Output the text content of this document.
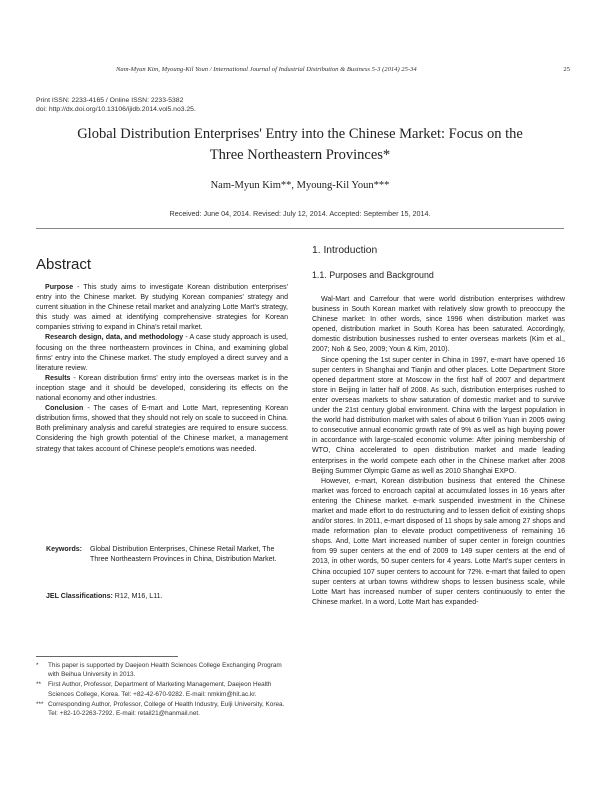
Nam-Myun Kim, Myoung-Kil Youn / International Journal of Industrial Distribution & Business 5-3 (2014) 25-34	25
Print ISSN: 2233-4165 / Online ISSN: 2233-5382
doi: http://dx.doi.org/10.13106/ijidb.2014.vol5.no3.25.
Global Distribution Enterprises' Entry into the Chinese Market: Focus on the
Three Northeastern Provinces*
Nam-Myun Kim**, Myoung-Kil Youn***
Received: June 04, 2014. Revised: July 12, 2014. Accepted: September 15, 2014.
Abstract

Purpose - This study aims to investigate Korean distribution enterprises' entry into the Chinese market. By studying Korean companies' strategy and current situation in the Chinese retail market and analyzing Lotte Mart's strategy, this study was aimed at identifying comprehensive strategies for Korean companies striving to expand in China's retail market.

Research design, data, and methodology - A case study approach is used, focusing on the three northeastern provinces in China, and examining global firms' entry into the Chinese market. The study employed a direct survey and a literature review.

Results - Korean distribution firms' entry into the overseas market is in the inception stage and it should be developed, considering its effects on the national economy and other industries.

Conclusion - The cases of E-mart and Lotte Mart, representing Korean distribution firms, showed that they should not rely on scale to succeed in China. Both preliminary analysis and careful strategies are required to ensure success. Considering the high growth potential of the Chinese market, a management strategy that takes account of Chinese people's emotions was needed.

Keywords: Global Distribution Enterprises, Chinese Retail Market, The Three Northeastern Provinces in China, Distribution Market.
JEL Classifications: R12, M16, L11.
*	This paper is supported by Daejeon Health Sciences College Exchanging Program with Beihua University in 2013.
**	First Author, Professor, Department of Marketing Management, Daejeon Health Sciences College, Korea. Tel: +82-42-670-9282. E-mail: nmkim@hit.ac.kr.
*** Corresponding Author, Professor, College of Health Industry, Eulji University, Korea. Tel: +82-10-2263-7292. E-mail: retail21@hanmail.net.
1. Introduction
1.1. Purposes and Background

Wal-Mart and Carrefour that were world distribution enterprises withdrew business in South Korean market with relatively slow growth to preoccupy the Chinese market: In other words, since 1996 when distribution market was opened, distribution market in South Korea has been saturated. Accordingly, domestic distribution businesses rushed to enter overseas markets (Kim et al., 2007; Noh & Seo, 2009; Youn & Kim, 2010).

Since opening the 1st super center in China in 1997, e-mart have opened 16 super centers in Shanghai and Tianjin and other places. Lotte Department Store opened department store at Moscow in the first half of 2007 and department store in Beijing in latter half of 2008. As such, distribution enterprises rushed to enter overseas markets to show saturation of domestic market and to survive under the 21st century global environment. China with the largest population in the world had distribution market with sales of about 6 trillion Yuan in 2005 owing to consecutive annual economic growth rate of 9% as well as high buying power in accordance with large-scaled economic volume: After joining membership of WTO, China accelerated to open distribution market and made leading enterprises in the world compete each other in the Chinese market after 2008 Beijing Summer Olympic Game as well as 2010 Shanghai EXPO.

However, e-mart, Korean distribution business that entered the Chinese market was forced to encroach capital at accumulated losses in 16 years after entering the Chinese market. e-mark suspended investment in the Chinese market and made effort to do restructuring and to lessen deficit of existing shops and/or stores. In 2011, e-mart disposed of 11 shops by sale among 27 shops and made reformation plan to elevate product competitiveness of remaining 16 shops. And, Lotte Mart increased number of super center in foreign countries from 99 super centers at the end of 2009 to 149 super centers at the end of 2013, in other words, 50 super centers for 4 years. Lotte Mart's super centers in China occupied 107 super centers to account for 72%. e-mart that failed to open super centers at urban towns withdrew shops to lessen business scale, while Lotte Mart has increased number of super centers continuously to enter the Chinese market. In a word, Lotte Mart has expanded-
